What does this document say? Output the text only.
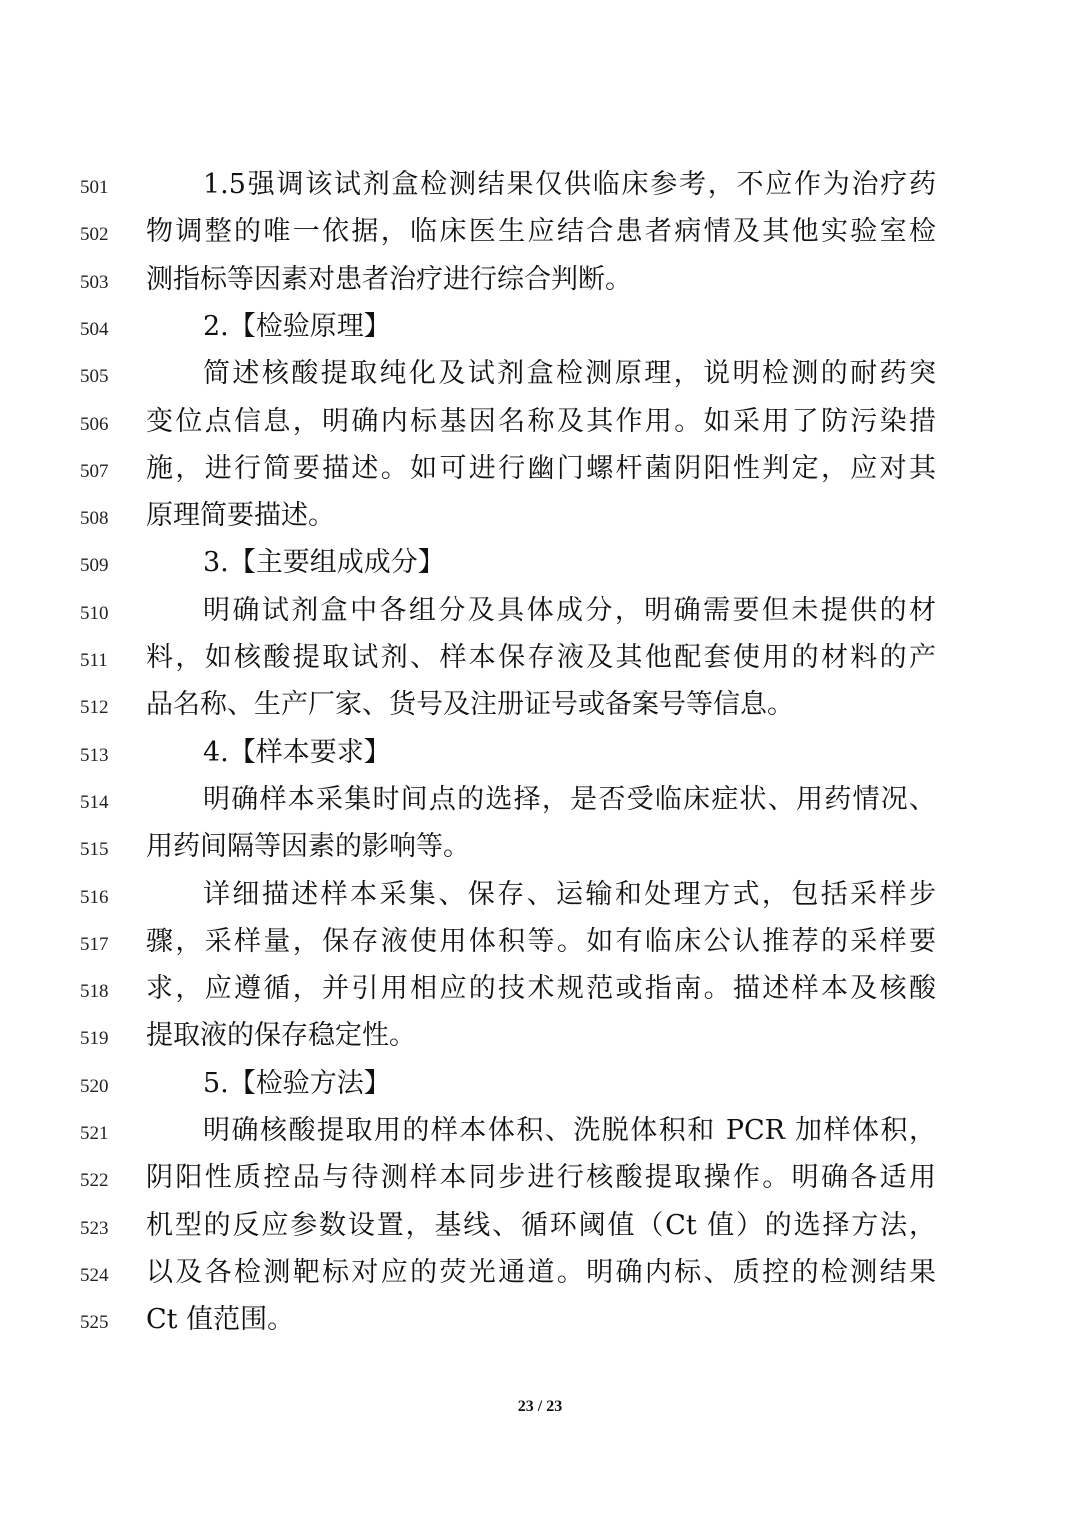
501	1.5强调该试剂盒检测结果仅供临床参考，不应作为治疗药
502	物调整的唯一依据，临床医生应结合患者病情及其他实验室检
503	测指标等因素对患者治疗进行综合判断。
504	2.【检验原理】
505	简述核酸提取纯化及试剂盒检测原理，说明检测的耐药突
506	变位点信息，明确内标基因名称及其作用。如采用了防污染措
507	施，进行简要描述。如可进行幽门螺杆菌阴阳性判定，应对其
508	原理简要描述。
509	3.【主要组成成分】
510	明确试剂盒中各组分及具体成分，明确需要但未提供的材
511	料，如核酸提取试剂、样本保存液及其他配套使用的材料的产
512	品名称、生产厂家、货号及注册证号或备案号等信息。
513	4.【样本要求】
514	明确样本采集时间点的选择，是否受临床症状、用药情况、
515	用药间隔等因素的影响等。
516	详细描述样本采集、保存、运输和处理方式，包括采样步
517	骤，采样量，保存液使用体积等。如有临床公认推荐的采样要
518	求，应遵循，并引用相应的技术规范或指南。描述样本及核酸
519	提取液的保存稳定性。
520	5.【检验方法】
521	明确核酸提取用的样本体积、洗脱体积和 PCR 加样体积，
522	阴阳性质控品与待测样本同步进行核酸提取操作。明确各适用
523	机型的反应参数设置，基线、循环阈值（Ct 值）的选择方法，
524	以及各检测靶标对应的荧光通道。明确内标、质控的检测结果
525	Ct 值范围。
23 / 23
